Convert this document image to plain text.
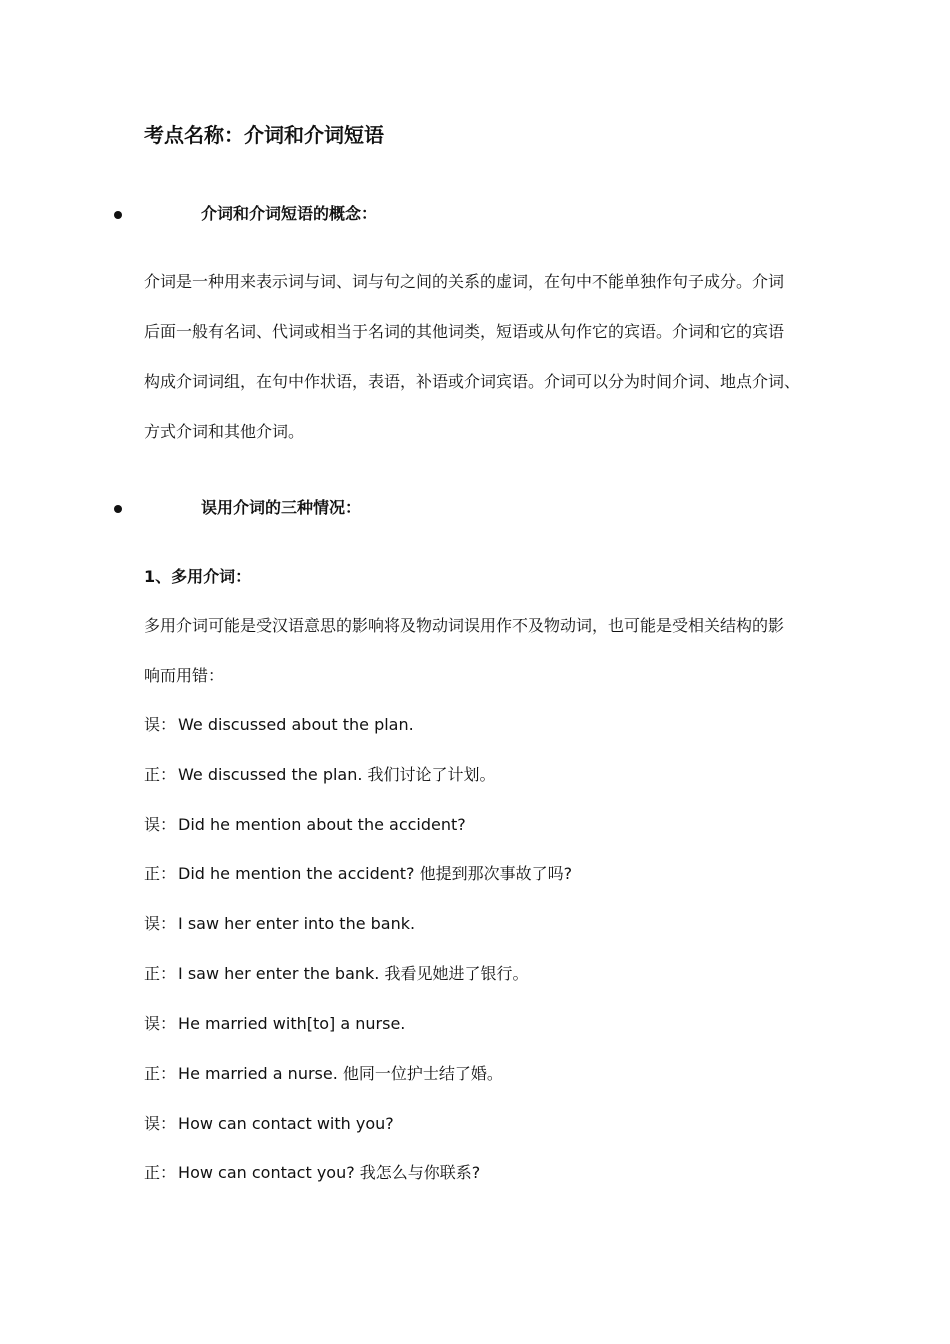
考点名称：介词和介词短语
介词和介词短语的概念：
介词是一种用来表示词与词、词与句之间的关系的虚词，在句中不能单独作句子成分。介词
后面一般有名词、代词或相当于名词的其他词类，短语或从句作它的宾语。介词和它的宾语
构成介词词组，在句中作状语，表语，补语或介词宾语。介词可以分为时间介词、地点介词、
方式介词和其他介词。
误用介词的三种情况：
1、多用介词：
多用介词可能是受汉语意思的影响将及物动词误用作不及物动词，也可能是受相关结构的影
响而用错：
误： We discussed about the plan.
正： We discussed the plan. 我们讨论了计划。
误： Did he mention about the accident?
正： Did he mention the accident? 他提到那次事故了吗?
误： I saw her enter into the bank.
正： I saw her enter the bank. 我看见她进了银行。
误： He married with[to] a nurse.
正： He married a nurse. 他同一位护士结了婚。
误： How can contact with you?
正： How can contact you? 我怎么与你联系?
